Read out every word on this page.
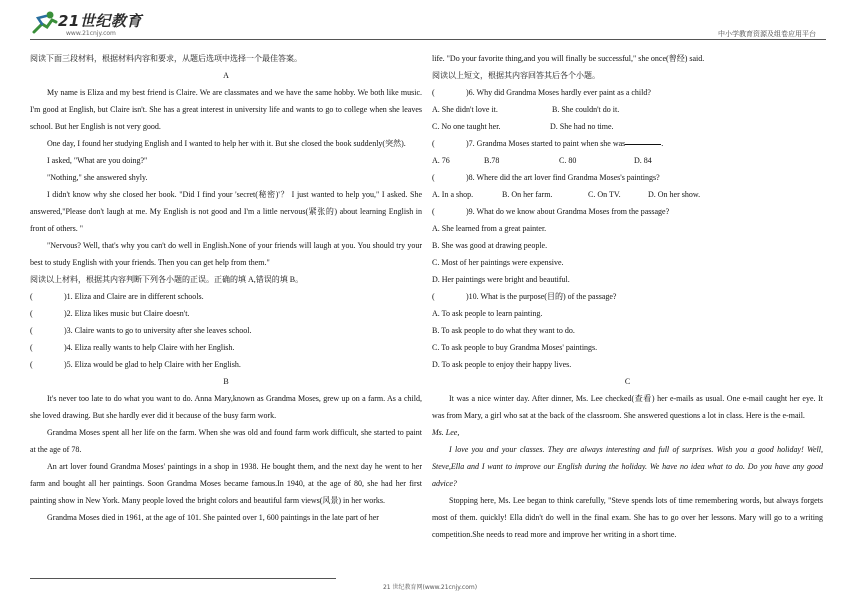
21世纪教育
www.21cnjy.com	中小学教育资源及组卷应用平台

阅读下面三段材料，根据材料内容和要求，从题后选项中选择一个最佳答案。

A

My name is Eliza and my best friend is Claire. We are classmates and we have the same hobby. We both like music. I'm good at English, but Claire isn't. She has a great interest in university life and wants to go to college when she leaves school. But her English is not very good.

One day, I found her studying English and I wanted to help her with it. But she closed the book suddenly(突然).

I asked, "What are you doing?"

"Nothing," she answered shyly.

I didn't know why she closed her book. "Did I find your 'secret(秘密)'？ I just wanted to help you," I asked. She answered,"Please don't laugh at me. My English is not good and I'm a little nervous(紧张的) about learning English in front of others. "

"Nervous? Well, that's why you can't do well in English.None of your friends will laugh at you. You should try your best to study English with your friends. Then you can get help from them."

阅读以上材料，根据其内容判断下列各小题的正误。正确的填 A,错误的填 B。

(	)1. Eliza and Claire are in different schools.
(	)2. Eliza likes music but Claire doesn't.
(	)3. Claire wants to go to university after she leaves school.
(	)4. Eliza really wants to help Claire with her English.
(	)5. Eliza would be glad to help Claire with her English.

B

It's never too late to do what you want to do. Anna Mary,known as Grandma Moses, grew up on a farm. As a child, she loved drawing. But she hardly ever did it because of the busy farm work.

Grandma Moses spent all her life on the farm. When she was old and found farm work difficult, she started to paint at the age of 78.

An art lover found Grandma Moses' paintings in a shop in 1938. He bought them, and the next day he went to her farm and bought all her paintings. Soon Grandma Moses became famous.In 1940, at the age of 80, she had her first painting show in New York. Many people loved the bright colors and beautiful farm views(风景) in her works.

Grandma Moses died in 1961, at the age of 101. She painted over 1, 600 paintings in the late part of her

life. "Do your favorite thing,and you will finally be successful," she once(曾经) said.

阅读以上短文，根据其内容回答其后各个小题。

(	)6. Why did Grandma Moses hardly ever paint as a child?
A. She didn't love it.	B. She couldn't do it.
C. No one taught her.	D. She had no time.
(	)7. Grandma Moses started to paint when she was	.
A. 76	B.78	C. 80	D. 84
(	)8. Where did the art lover find Grandma Moses's paintings?
A. In a shop.	B. On her farm.	C. On TV.	D. On her show.
(	)9. What do we know about Grandma Moses from the passage?

A. She learned from a great painter.

B. She was good at drawing people.

C. Most of her paintings were expensive.

D. Her paintings were bright and beautiful.

(	)10. What is the purpose(目的) of the passage?

A. To ask people to learn painting.

B. To ask people to do what they want to do.

C. To ask people to buy Grandma Moses' paintings.

D. To ask people to enjoy their happy lives.

C

It was a nice winter day. After dinner, Ms. Lee checked(查看) her e-mails as usual. One e-mail caught her eye. It was from Mary, a girl who sat at the back of the classroom. She answered questions a lot in class. Here is the e-mail.

Ms. Lee,

I love you and your classes. They are always interesting and full of surprises. Wish you a good holiday! Well, Steve,Ella and I want to improve our English during the holiday. We have no idea what to do. Do you have any good advice?

Stopping here, Ms. Lee began to think carefully, "Steve spends lots of time remembering words, but always forgets most of them. quickly! Ella didn't do well in the final exam. She has to go over her lessons. Mary will go to a writing competition.She needs to read more and improve her writing in a short time.

21 世纪教育网(www.21cnjy.com)
